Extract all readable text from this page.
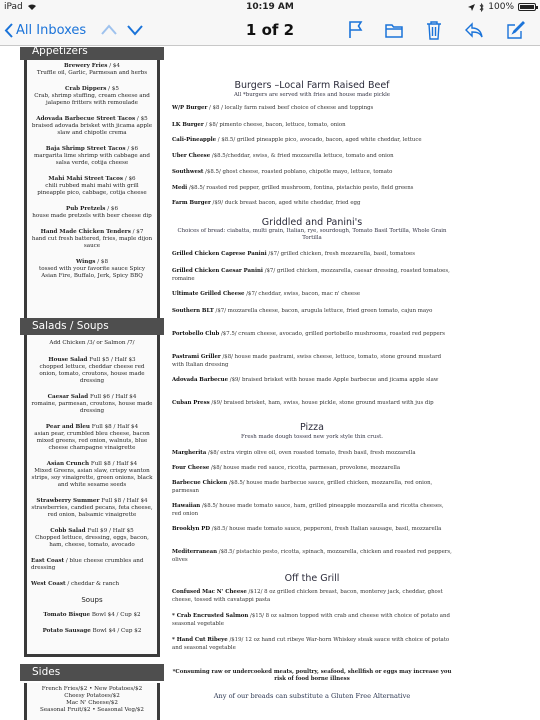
iPad	10:19 AM	100%
All Inboxes	1 of 2
Appetizers
Brewery Fries / $4
Truffle oil, Garlic, Parmesan and herbs
Crab Dippers / $5
Crab, shrimp stuffing, cream cheese and jalapeno fritters with remoulade
Adovada Barbecue Street Tacos / $5
braised adovada brisket with jicama apple slaw and chipotle crema
Baja Shrimp Street Tacos / $6
margarita lime shrimp with cabbage and salsa verde, cotija cheese
Mahi Mahi Street Tacos / $6
chili rubbed mahi mahi with grill pineapple pico, cabbage, cotija cheese
Pub Pretzels / $6
house made pretzels with beer cheese dip
Hand Made Chicken Tenders / $7
hand cut fresh battered, fries, maple dijon sauce
Wings / $8
tossed with your favorite sauce Spicy Asian Fire, Buffalo, Jerk, Spicy BBQ
Salads / Soups
Add Chicken /3/ or Salmon /7/
House Salad Full $5 / Half $3
chopped lettuce, cheddar cheese red onion, tomato, croutons, house made dressing
Caesar Salad Full $6 / Half $4
romaine, parmesan, croutons, house made dressing
Pear and Bleu Full $8 / Half $4
asian pear, crumbled bleu cheese, bacon mixed greens, red onion, walnuts, blue cheese champagne vinaigrette
Asian Crunch Full $8 / Half $4
Mixed Greens, asian slaw, crispy wanton strips, soy vinaigrette, green onions, black and white sesame seeds
Strawberry Summer Full $8 / Half $4
strawberries, candied pecans, feta cheese, red onion, balsamic vinaigrette
Cobb Salad Full $9 / Half $5
Chopped lettuce, dressing, eggs, bacon, ham, cheese, tomato, avocado
East Coast / blue cheese crumbles and dressing
West Coast / cheddar & ranch
Soups
Tomato Bisque Bowl $4 / Cup $2
Potato Sausage Bowl $4 / Cup $2
Sides
French Fries/$2 • New Potatoes/$2
Cheesy Potatoes/$2
Mac N' Cheese/$2
Seasonal Fruit/$2 • Seasonal Veg/$2
Burgers –Local Farm Raised Beef
All *burgers are served with fries and house made pickle
W/P Burger / $8 / locally farm raised beef choice of cheese and toppings
LK Burger / $8/ pimento cheese, bacon, lettuce, tomato, onion
Cali-Pineapple / $8.5/ grilled pineapple pico, avocado, bacon, aged white cheddar, lettuce
Uber Cheese /$8.5/cheddar, swiss, & fried mozzarella lettuce, tomato and onion
Southwest /$8.5/ ghost cheese, roasted poblano, chipotle mayo, lettuce, tomato
Medi /$8.5/ roasted red pepper, grilled mushroom, fontina, pistachio pesto, field greens
Farm Burger /$9/ duck breast bacon, aged white cheddar, fried egg
Griddled and Panini's
Choices of bread: ciabatta, multi grain, Italian, rye, sourdough, Tomato Basil Tortilla, Whole Grain Tortilla
Grilled Chicken Caprese Panini /$7/ grilled chicken, fresh mozzarella, basil, tomatoes
Grilled Chicken Caesar Panini /$7/ grilled chicken, mozzarella, caesar dressing, roasted tomatoes, romaine
Ultimate Grilled Cheese /$7/ cheddar, swiss, bacon, mac n' cheese
Southern BLT /$7/ mozzarella cheese, bacon, arugula lettuce, fried green tomato, cajun mayo
Portobello Club /$7.5/ cream cheese, avocado, grilled portobello mushrooms, roasted red peppers
Pastrami Griller /$8/ house made pastrami, swiss cheese, lettuce, tomato, stone ground mustard with Italian dressing
Adovada Barbecue /$9/ braised brisket with house made Apple barbecue and jicama apple slaw
Cuban Press /$9/ braised brisket, ham, swiss, house pickle, stone ground mustard with jus dip
Pizza
Fresh made dough tossed new york style thin crust.
Margherita /$8/ extra virgin olive oil, oven roasted tomato, fresh basil, fresh mozzarella
Four Cheese /$8/ house made red sauce, ricotta, parmesan, provolone, mozzarella
Barbecue Chicken /$8.5/ house made barbecue sauce, grilled chicken, mozzarella, red onion, parmesan
Hawaiian /$8.5/ house made tomato sauce, ham, grilled pineapple mozzarella and ricotta cheeses, red onion
Brooklyn PD /$8.5/ house made tomato sauce, pepperoni, fresh Italian sausage, basil, mozzarella
Mediterranean /$8.5/ pistachio pesto, ricotta, spinach, mozzarella, chicken and roasted red peppers, olives
Off the Grill
Confused Mac N' Cheese /$12/ 8 oz grilled chicken breast, bacon, monterey jack, cheddar, ghost cheese, tossed with cavatappi pasta
* Crab Encrusted Salmon /$15/ 8 oz salmon topped with crab and cheese with choice of potato and seasonal vegetable
* Hand Cut Ribeye /$19/ 12 oz hand cut ribeye War-horn Whiskey steak sauce with choice of potato and seasonal vegetable
*Consuming raw or undercooked meats, poultry, seafood, shellfish or eggs may increase you risk of food borne illness
Any of our breads can substitute a Gluten Free Alternative
